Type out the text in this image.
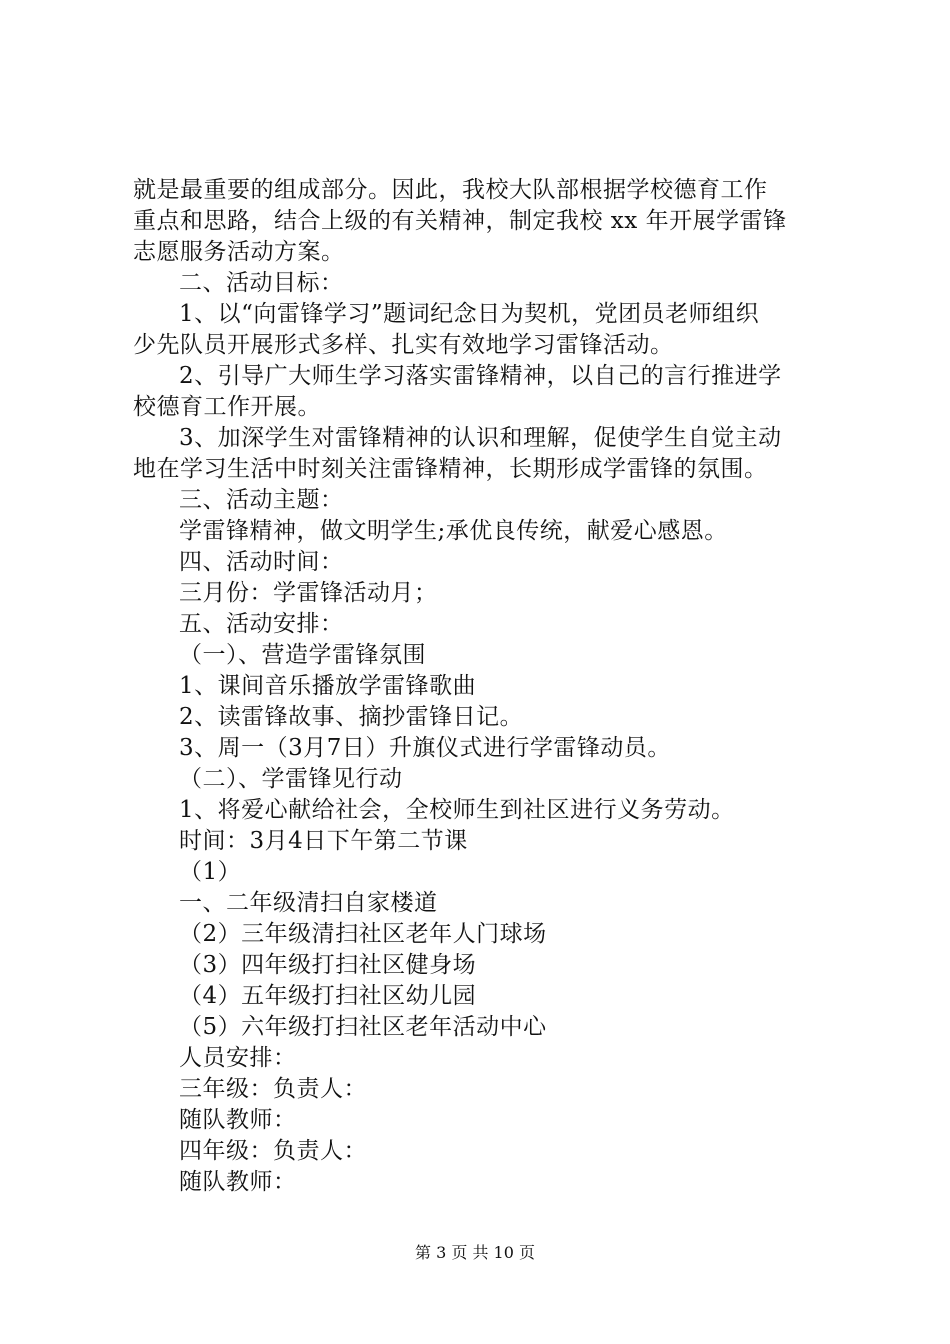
就是最重要的组成部分。因此，我校大队部根据学校德育工作
重点和思路，结合上级的有关精神，制定我校 xx 年开展学雷锋
志愿服务活动方案。
二、活动目标：
1、以“向雷锋学习”题词纪念日为契机，党团员老师组织
少先队员开展形式多样、扎实有效地学习雷锋活动。
2、引导广大师生学习落实雷锋精神，以自己的言行推进学
校德育工作开展。
3、加深学生对雷锋精神的认识和理解，促使学生自觉主动
地在学习生活中时刻关注雷锋精神，长期形成学雷锋的氛围。
三、活动主题：
学雷锋精神，做文明学生;承优良传统，献爱心感恩。
四、活动时间：
三月份：学雷锋活动月；
五、活动安排：
（一）、营造学雷锋氛围
1、课间音乐播放学雷锋歌曲
2、读雷锋故事、摘抄雷锋日记。
3、周一（3月7日）升旗仪式进行学雷锋动员。
（二）、学雷锋见行动
1、将爱心献给社会，全校师生到社区进行义务劳动。
时间：3月4日下午第二节课
（1）
一、二年级清扫自家楼道
（2）三年级清扫社区老年人门球场
（3）四年级打扫社区健身场
（4）五年级打扫社区幼儿园
（5）六年级打扫社区老年活动中心
人员安排：
三年级：负责人：
随队教师：
四年级：负责人：
随队教师：
第 3 页 共 10 页
